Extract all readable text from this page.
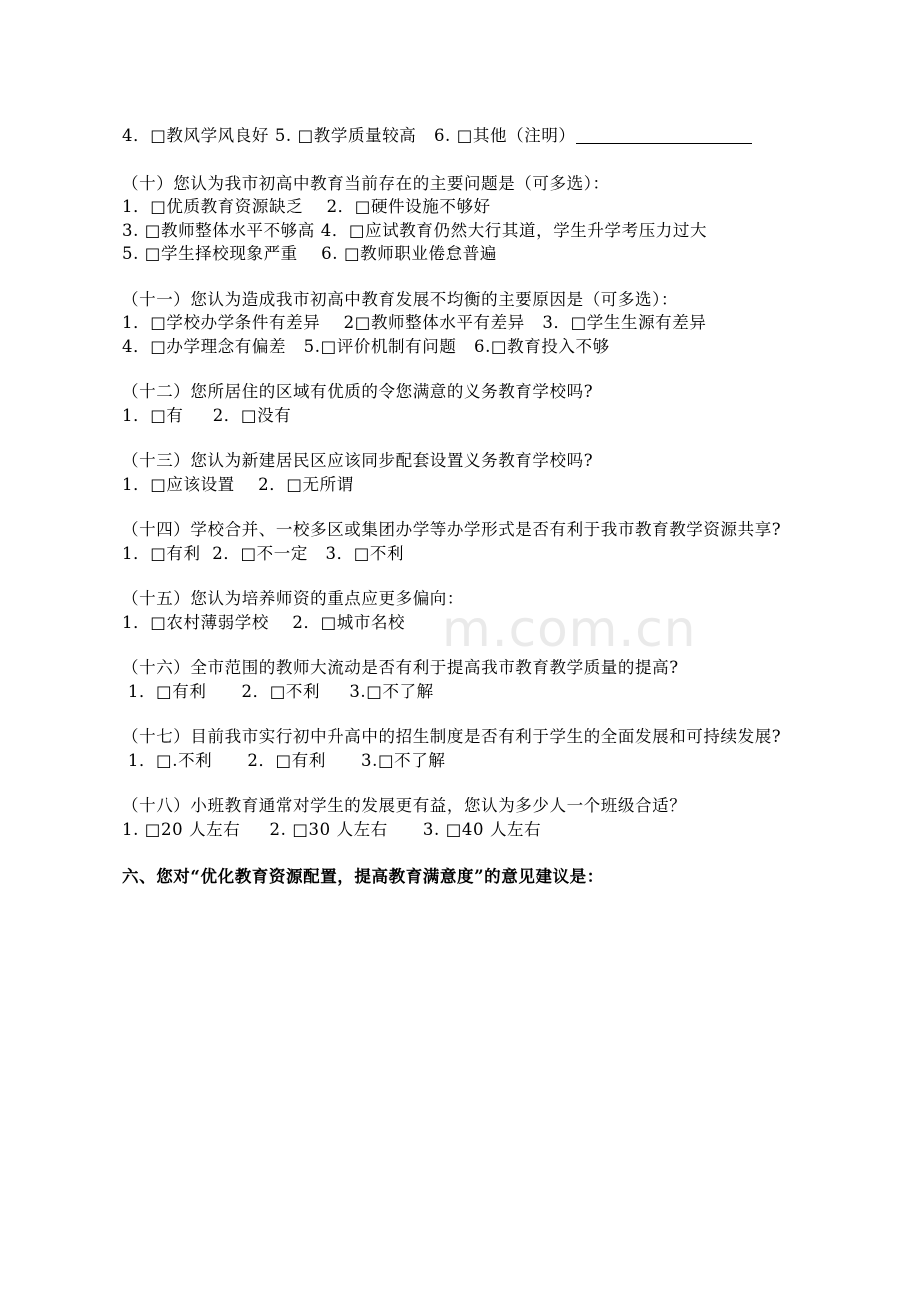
m.com.cn
4．□教风学风良好 5. □教学质量较高   6. □其他（注明）
（十）您认为我市初高中教育当前存在的主要问题是（可多选）：
1．□优质教育资源缺乏    2．□硬件设施不够好
3. □教师整体水平不够高 4．□应试教育仍然大行其道，学生升学考压力过大
5. □学生择校现象严重    6. □教师职业倦怠普遍
（十一）您认为造成我市初高中教育发展不均衡的主要原因是（可多选）：
1．□学校办学条件有差异    2□教师整体水平有差异   3．□学生生源有差异
4．□办学理念有偏差   5.□评价机制有问题   6.□教育投入不够
（十二）您所居住的区域有优质的令您满意的义务教育学校吗?
1．□有     2．□没有
（十三）您认为新建居民区应该同步配套设置义务教育学校吗?
1．□应该设置    2．□无所谓
（十四）学校合并、一校多区或集团办学等办学形式是否有利于我市教育教学资源共享?
1．□有利  2．□不一定   3．□不利
（十五）您认为培养师资的重点应更多偏向：
1．□农村薄弱学校    2．□城市名校
（十六）全市范围的教师大流动是否有利于提高我市教育教学质量的提高?
1．□有利      2．□不利     3.□不了解
（十七）目前我市实行初中升高中的招生制度是否有利于学生的全面发展和可持续发展?
1．□.不利      2．□有利      3.□不了解
（十八）小班教育通常对学生的发展更有益，您认为多少人一个班级合适？
1. □20 人左右     2. □30 人左右      3. □40 人左右
六、您对“优化教育资源配置，提高教育满意度”的意见建议是：
